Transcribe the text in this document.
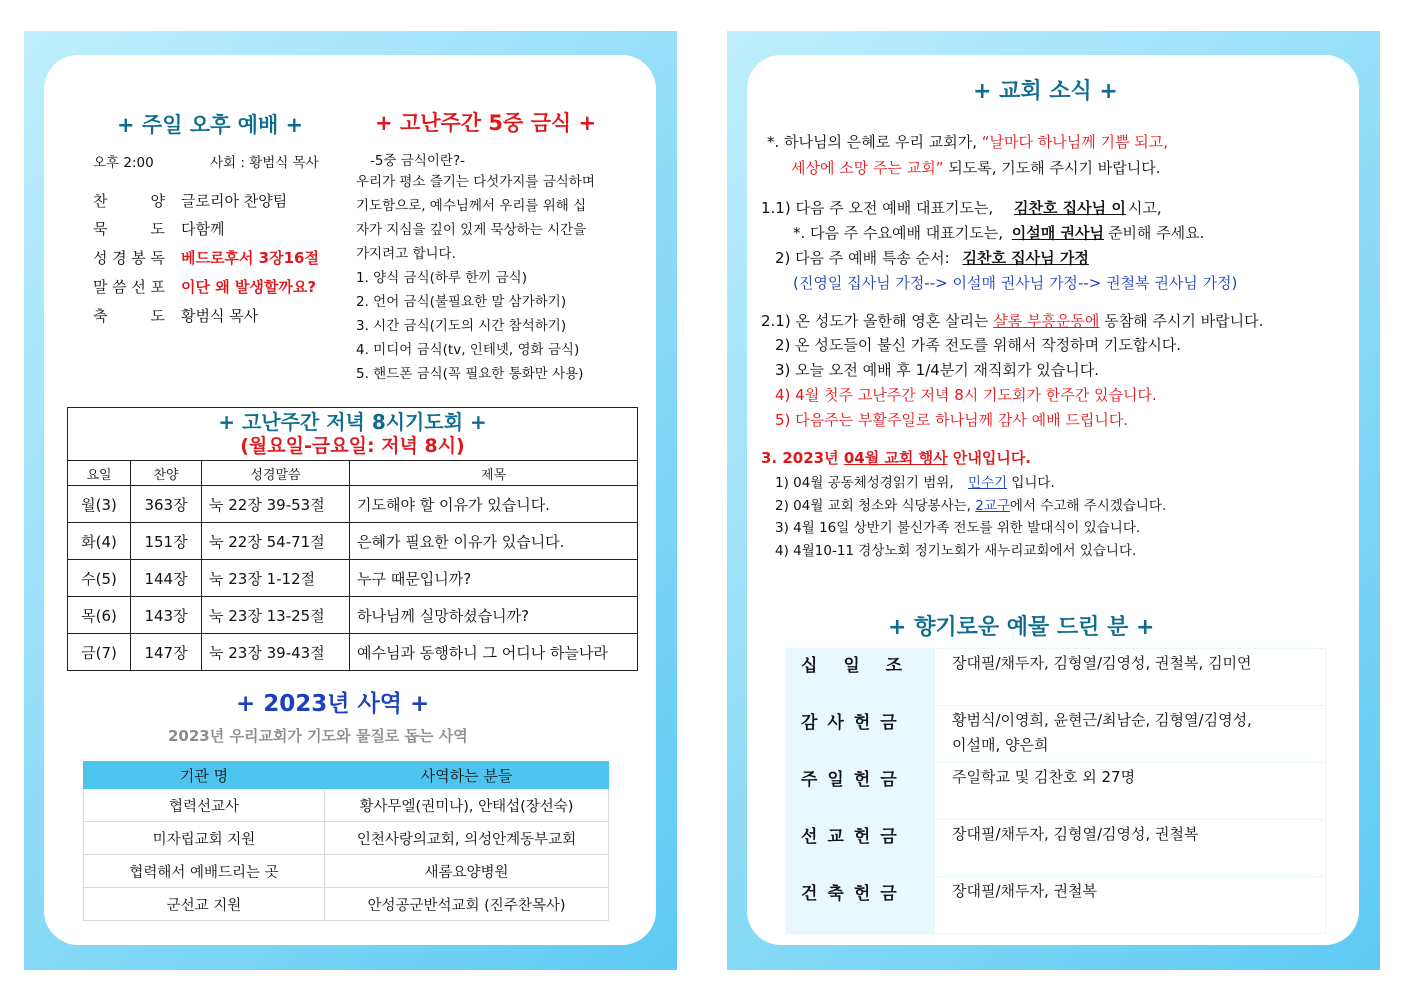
+ 주일 오후 예배 +
오후 2:00	사회 : 황범식 목사
찬	양 글로리아 찬양팀
묵	도 다함께
성 경 봉 독 베드로후서 3장16절
말 씀 선 포 이단 왜 발생할까요?
축	도 황범식 목사
+ 고난주간 5중 금식 +
-5중 금식이란?-
우리가 평소 즐기는 다섯가지를 금식하며
기도함으로, 예수님께서 우리를 위해 십
자가 지심을 깊이 있게 묵상하는 시간을
가지려고 합니다.
1. 양식 금식(하루 한끼 금식)
2. 언어 금식(불필요한 말 삼가하기)
3. 시간 금식(기도의 시간 참석하기)
4. 미디어 금식(tv, 인테넷, 영화 금식)
5. 핸드폰 금식(꼭 필요한 통화만 사용)
+ 고난주간 저녁 8시기도회 +
(월요일-금요일: 저녁 8시)			

요일	찬양	성경말씀	제목
월(3)	363장	눅 22장 39-53절	기도해야 할 이유가 있습니다.
화(4)	151장	눅 22장 54-71절	은혜가 필요한 이유가 있습니다.
수(5)	144장	눅 23장 1-12절	누구 때문입니까?
목(6)	143장	눅 23장 13-25절	하나님께 실망하셨습니까?
금(7)	147장	눅 23장 39-43절	예수님과 동행하니 그 어디나 하늘나라
+ 2023년 사역 +
2023년 우리교회가 기도와 물질로 돕는 사역
기관 명	사역하는 분들
협력선교사	황사무엘(권미나), 안태섭(장선숙)
미자립교회 지원	인천사랑의교회, 의성안계동부교회
협력해서 예배드리는 곳	새롬요양병원
군선교 지원	안성공군반석교회 (진주찬목사)
+ 교회 소식 +
*. 하나님의 은혜로 우리 교회가, “날마다 하나님께 기쁨 되고,
세상에 소망 주는 교회” 되도록, 기도해 주시기 바랍니다.
1.1) 다음 주 오전 예배 대표기도는, 김찬호 집사님 이 시고,
*. 다음 주 수요예배 대표기도는, 이설매 권사님 준비해 주세요.
2) 다음 주 예배 특송 순서: 김찬호 집사님 가정
(진영일 집사님 가정--> 이설매 권사님 가정--> 권철복 권사님 가정)
2.1) 온 성도가 올한해 영혼 살리는 샬롬 부흥운동에 동참해 주시기 바랍니다.
2) 온 성도들이 불신 가족 전도를 위해서 작정하며 기도합시다.
3) 오늘 오전 예배 후 1/4분기 재직회가 있습니다.
4) 4월 첫주 고난주간 저녁 8시 기도회가 한주간 있습니다.
5) 다음주는 부활주일로 하나님께 감사 예배 드립니다.
3. 2023년 04월 교회 행사 안내입니다.
1) 04월 공동체성경읽기 범위, 민수기 입니다.
2) 04월 교회 청소와 식당봉사는, 2교구에서 수고해 주시겠습니다.
3) 4월 16일 상반기 불신가족 전도를 위한 발대식이 있습니다.
4) 4월10-11 경상노회 정기노회가 새누리교회에서 있습니다.
+ 향기로운 예물 드린 분 +
십 일 조	장대필/채두자, 김형열/김영성, 권철복, 김미연

감사헌금	황범식/이영희, 윤현근/최남순, 김형열/김영성,
이설매, 양은희

주일헌금	주일학교 및 김찬호 외 27명

선교헌금	장대필/채두자, 김형열/김영성, 권철복

건축헌금	장대필/채두자, 권철복
